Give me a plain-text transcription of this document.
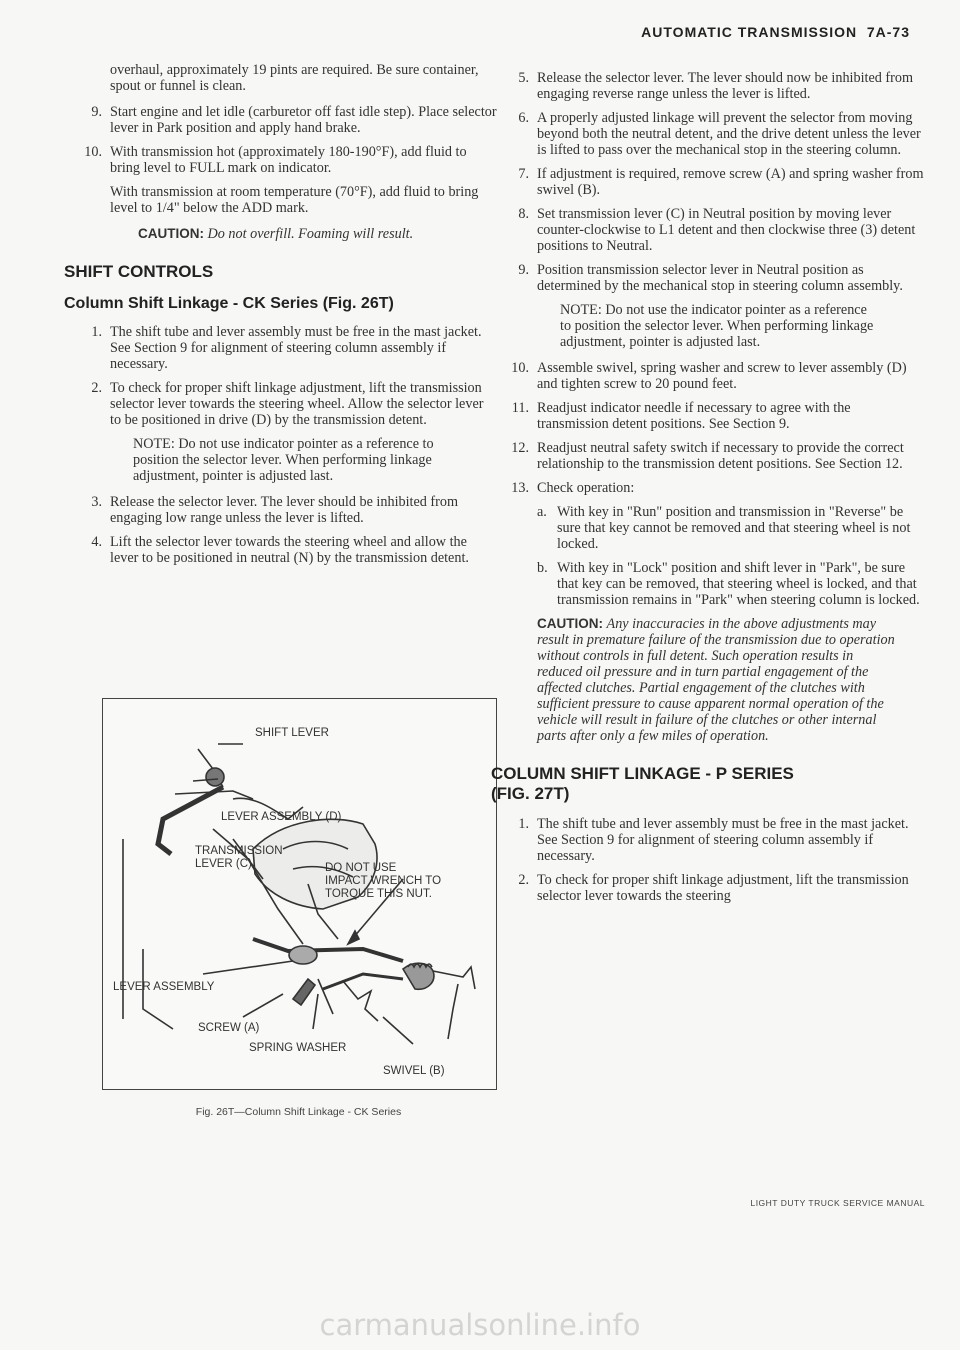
AUTOMATIC TRANSMISSION 7A-73
overhaul, approximately 19 pints are required. Be sure container, spout or funnel is clean.
9. Start engine and let idle (carburetor off fast idle step). Place selector lever in Park position and apply hand brake.
10. With transmission hot (approximately 180-190°F), add fluid to bring level to FULL mark on indicator.
With transmission at room temperature (70°F), add fluid to bring level to 1/4" below the ADD mark.
CAUTION: Do not overfill. Foaming will result.
SHIFT CONTROLS
Column Shift Linkage - CK Series (Fig. 26T)
1. The shift tube and lever assembly must be free in the mast jacket. See Section 9 for alignment of steering column assembly if necessary.
2. To check for proper shift linkage adjustment, lift the transmission selector lever towards the steering wheel. Allow the selector lever to be positioned in drive (D) by the transmission detent.
NOTE: Do not use indicator pointer as a reference to position the selector lever. When performing linkage adjustment, pointer is adjusted last.
3. Release the selector lever. The lever should be inhibited from engaging low range unless the lever is lifted.
4. Lift the selector lever towards the steering wheel and allow the lever to be positioned in neutral (N) by the transmission detent.
SHIFT LEVER
LEVER ASSEMBLY (D)
TRANSMISSION
LEVER (C)	DO NOT USE
IMPACT WRENCH TO
TORQUE THIS NUT.
LEVER ASSEMBLY
SCREW (A)
SPRING WASHER
SWIVEL (B)
Fig. 26T—Column Shift Linkage - CK Series
5. Release the selector lever. The lever should now be inhibited from engaging reverse range unless the lever is lifted.
6. A properly adjusted linkage will prevent the selector from moving beyond both the neutral detent, and the drive detent unless the lever is lifted to pass over the mechanical stop in the steering column.
7. If adjustment is required, remove screw (A) and spring washer from swivel (B).
8. Set transmission lever (C) in Neutral position by moving lever counter-clockwise to L1 detent and then clockwise three (3) detent positions to Neutral.
9. Position transmission selector lever in Neutral position as determined by the mechanical stop in steering column assembly.
NOTE: Do not use the indicator pointer as a reference to position the selector lever. When performing linkage adjustment, pointer is adjusted last.
10. Assemble swivel, spring washer and screw to lever assembly (D) and tighten screw to 20 pound feet.
11. Readjust indicator needle if necessary to agree with the transmission detent positions. See Section 9.
12. Readjust neutral safety switch if necessary to provide the correct relationship to the transmission detent positions. See Section 12.
13. Check operation:
a. With key in "Run" position and transmission in "Reverse" be sure that key cannot be removed and that steering wheel is not locked.
b. With key in "Lock" position and shift lever in "Park", be sure that key can be removed, that steering wheel is locked, and that transmission remains in "Park" when steering column is locked.
CAUTION: Any inaccuracies in the above adjustments may result in premature failure of the transmission due to operation without controls in full detent. Such operation results in reduced oil pressure and in turn partial engagement of the affected clutches. Partial engagement of the clutches with sufficient pressure to cause apparent normal operation of the vehicle will result in failure of the clutches or other internal parts after only a few miles of operation.
COLUMN SHIFT LINKAGE - P SERIES
(FIG. 27T)
1. The shift tube and lever assembly must be free in the mast jacket. See Section 9 for alignment of steering column assembly if necessary.
2. To check for proper shift linkage adjustment, lift the transmission selector lever towards the steering
LIGHT DUTY TRUCK SERVICE MANUAL
carmanualsonline.info
